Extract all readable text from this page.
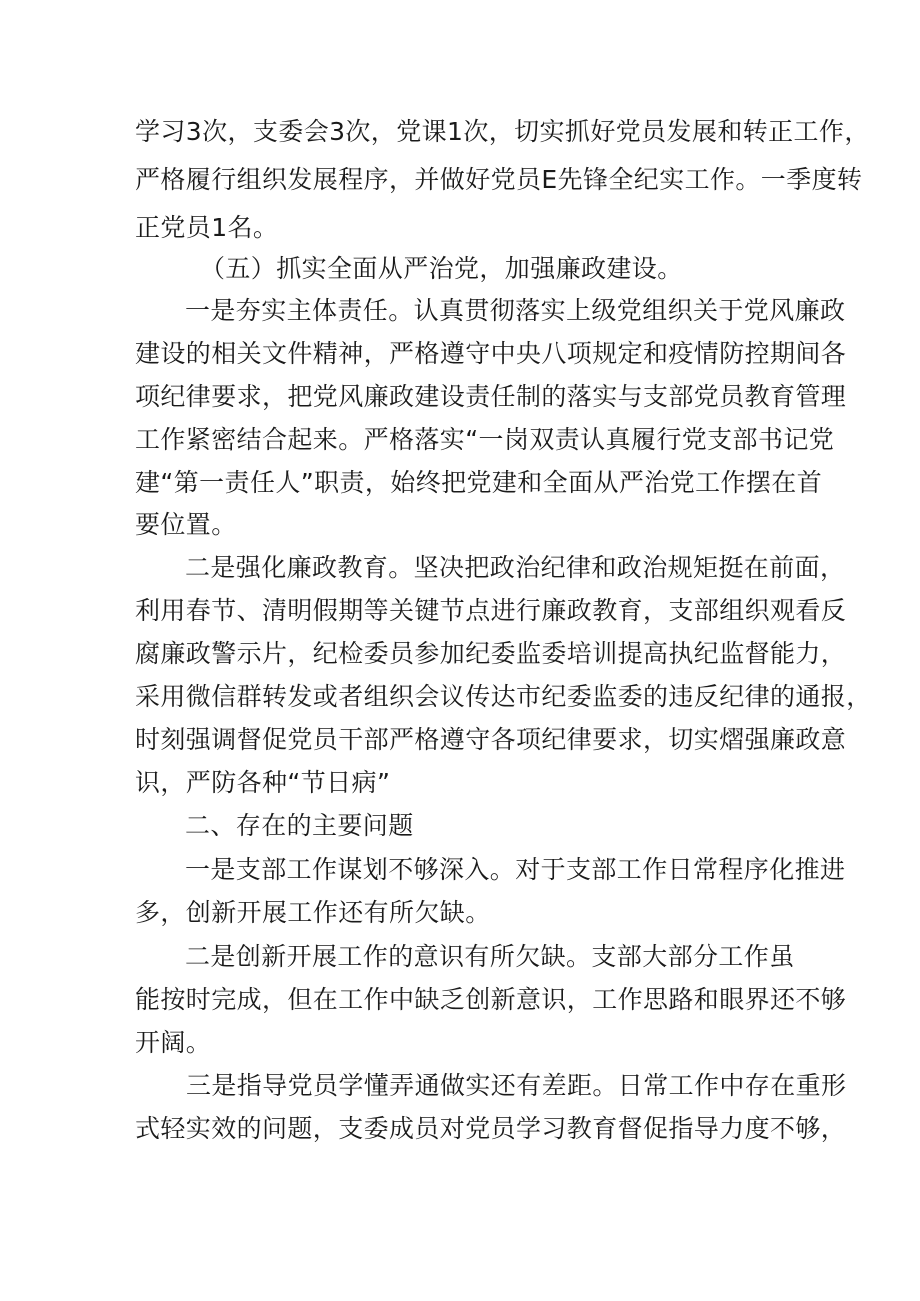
学习3次，支委会3次，党课1次，切实抓好党员发展和转正工作，
严格履行组织发展程序，并做好党员E先锋全纪实工作。一季度转
正党员1名。
（五）抓实全面从严治党，加强廉政建设。
一是夯实主体责任。认真贯彻落实上级党组织关于党风廉政
建设的相关文件精神，严格遵守中央八项规定和疫情防控期间各
项纪律要求，把党风廉政建设责任制的落实与支部党员教育管理
工作紧密结合起来。严格落实“一岗双责认真履行党支部书记党
建“第一责任人”职责，始终把党建和全面从严治党工作摆在首
要位置。
二是强化廉政教育。坚决把政治纪律和政治规矩挺在前面，
利用春节、清明假期等关键节点进行廉政教育，支部组织观看反
腐廉政警示片，纪检委员参加纪委监委培训提高执纪监督能力，
采用微信群转发或者组织会议传达市纪委监委的违反纪律的通报，
时刻强调督促党员干部严格遵守各项纪律要求，切实熠强廉政意
识，严防各种“节日病”
二、存在的主要问题
一是支部工作谋划不够深入。对于支部工作日常程序化推进
多，创新开展工作还有所欠缺。
二是创新开展工作的意识有所欠缺。支部大部分工作虽
能按时完成，但在工作中缺乏创新意识，工作思路和眼界还不够
开阔。
三是指导党员学懂弄通做实还有差距。日常工作中存在重形
式轻实效的问题，支委成员对党员学习教育督促指导力度不够，
